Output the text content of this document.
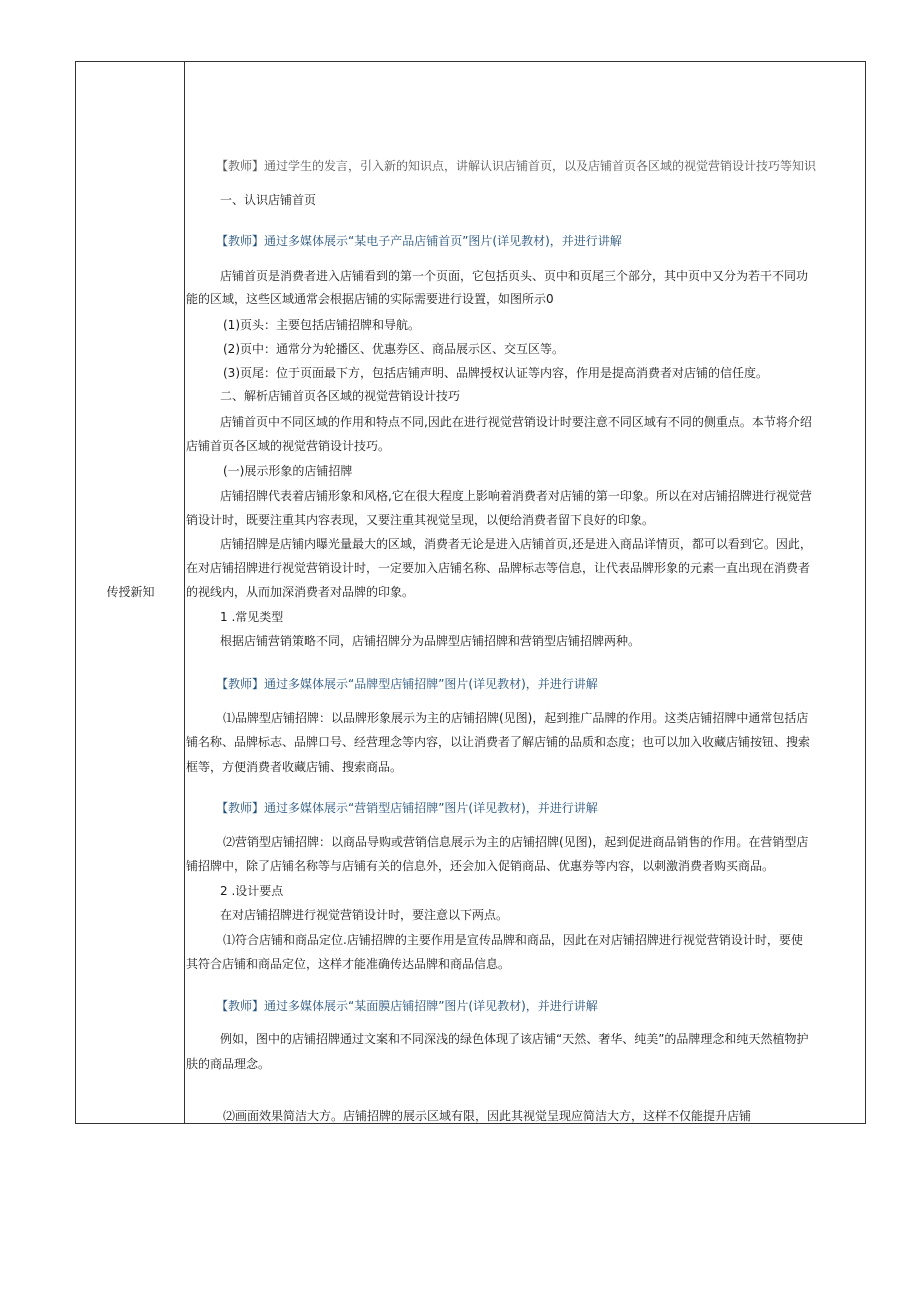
传授新知
【教师】通过学生的发言，引入新的知识点，讲解认识店铺首页，以及店铺首页各区域的视觉营销设计技巧等知识
一、认识店铺首页
【教师】通过多媒体展示“某电子产品店铺首页”图片(详见教材)，并进行讲解
店铺首页是消费者进入店铺看到的第一个页面，它包括页头、页中和页尾三个部分，其中页中又分为若干不同功
能的区域，这些区域通常会根据店铺的实际需要进行设置，如图所示0
(1)页头：主要包括店铺招牌和导航。
(2)页中：通常分为轮播区、优惠券区、商品展示区、交互区等。
(3)页尾：位于页面最下方，包括店铺声明、品牌授权认证等内容，作用是提高消费者对店铺的信任度。
二、解析店铺首页各区域的视觉营销设计技巧
店铺首页中不同区域的作用和特点不同,因此在进行视觉营销设计时要注意不同区域有不同的侧重点。本节将介绍
店铺首页各区域的视觉营销设计技巧。
(一)展示形象的店铺招牌
店铺招牌代表着店铺形象和风格,它在很大程度上影响着消费者对店铺的第一印象。所以在对店铺招牌进行视觉营
销设计时，既要注重其内容表现，又要注重其视觉呈现，以便给消费者留下良好的印象。
店铺招牌是店铺内曝光量最大的区域，消费者无论是进入店铺首页,还是进入商品详情页，都可以看到它。因此，
在对店铺招牌进行视觉营销设计时，一定要加入店铺名称、品牌标志等信息，让代表品牌形象的元素一直出现在消费者
的视线内，从而加深消费者对品牌的印象。
1 .常见类型
根据店铺营销策略不同，店铺招牌分为品牌型店铺招牌和营销型店铺招牌两种。
【教师】通过多媒体展示“品牌型店铺招牌”图片(详见教材)，并进行讲解
⑴品牌型店铺招牌：以品牌形象展示为主的店铺招牌(见图)，起到推广品牌的作用。这类店铺招牌中通常包括店
铺名称、品牌标志、品牌口号、经营理念等内容，以让消费者了解店铺的品质和态度；也可以加入收藏店铺按钮、搜索
框等，方便消费者收藏店铺、搜索商品。
【教师】通过多媒体展示“营销型店铺招牌”图片(详见教材)，并进行讲解
⑵营销型店铺招牌：以商品导购或营销信息展示为主的店铺招牌(见图)，起到促进商品销售的作用。在营销型店
铺招牌中，除了店铺名称等与店铺有关的信息外，还会加入促销商品、优惠券等内容，以刺激消费者购买商品。
2 .设计要点
在对店铺招牌进行视觉营销设计时，要注意以下两点。
⑴符合店铺和商品定位.店铺招牌的主要作用是宣传品牌和商品，因此在对店铺招牌进行视觉营销设计时，要使
其符合店铺和商品定位，这样才能准确传达品牌和商品信息。
【教师】通过多媒体展示“某面膜店铺招牌”图片(详见教材)，并进行讲解
例如，图中的店铺招牌通过文案和不同深浅的绿色体现了该店铺“天然、奢华、纯美”的品牌理念和纯天然植物护
肤的商品理念。
⑵画面效果简洁大方。店铺招牌的展示区域有限，因此其视觉呈现应简洁大方，这样不仅能提升店铺
